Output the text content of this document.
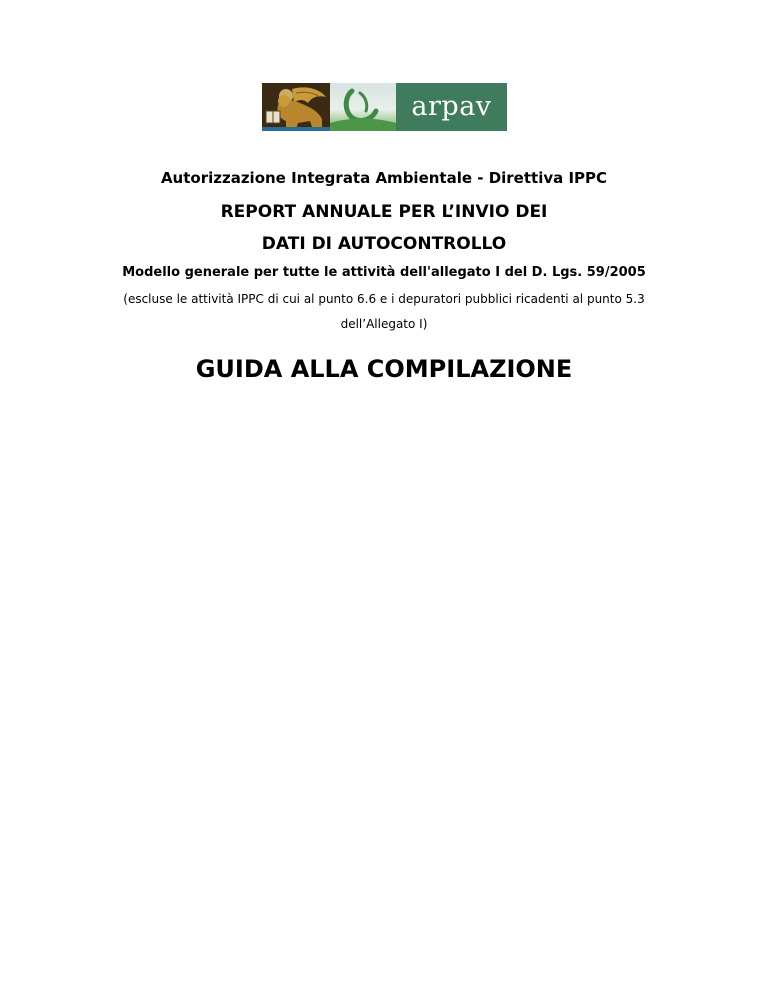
arpav
Autorizzazione Integrata Ambientale - Direttiva IPPC
REPORT ANNUALE PER L’INVIO DEI
DATI DI AUTOCONTROLLO
Modello generale per tutte le attività dell'allegato I del D. Lgs. 59/2005
(escluse le attività IPPC di cui al punto 6.6 e i depuratori pubblici ricadenti al punto 5.3
dell’Allegato I)
GUIDA ALLA COMPILAZIONE
